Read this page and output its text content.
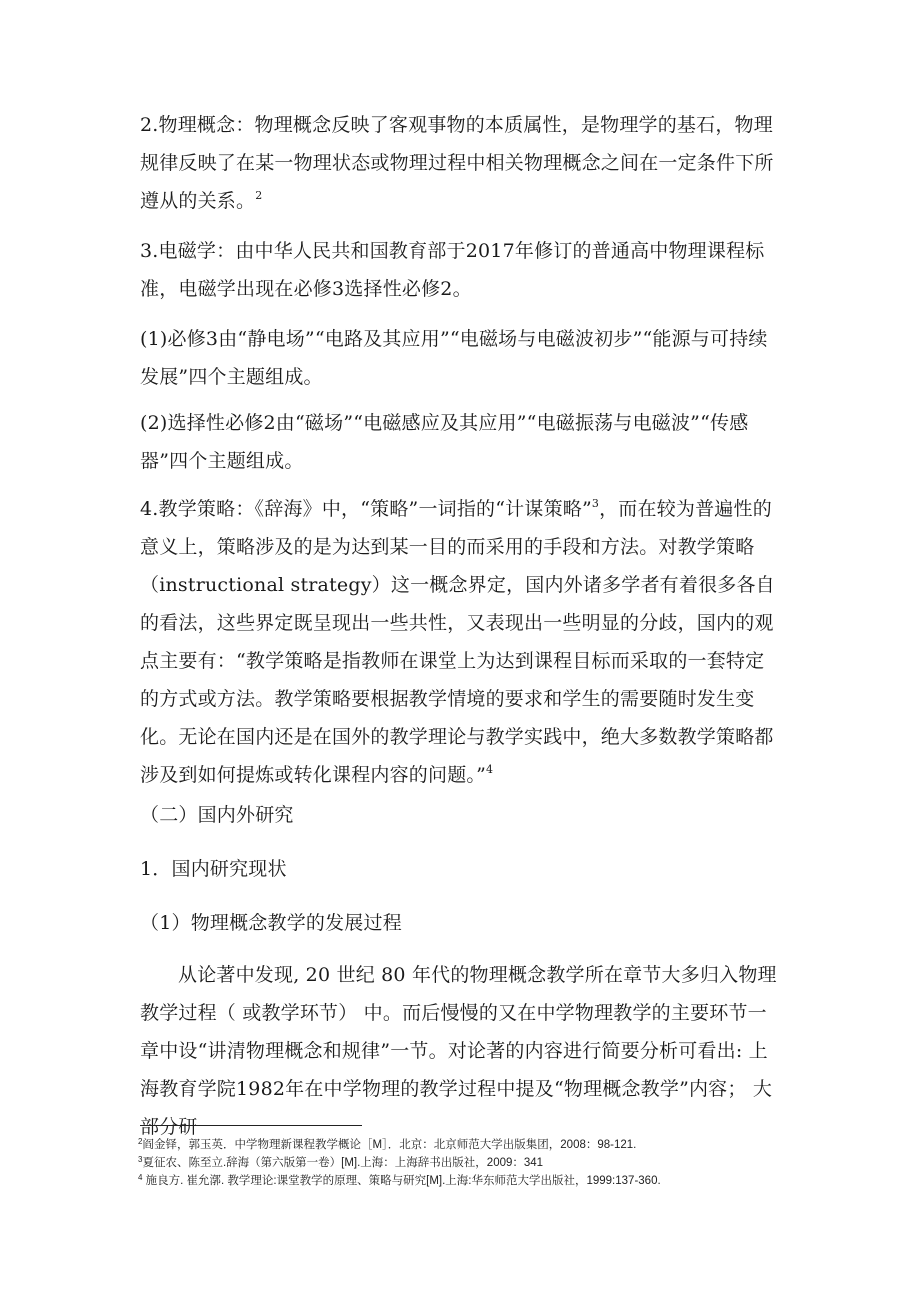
2.物理概念：物理概念反映了客观事物的本质属性，是物理学的基石，物理规律反映了在某一物理状态或物理过程中相关物理概念之间在一定条件下所遵从的关系。$^2$

3.电磁学：由中华人民共和国教育部于2017年修订的普通高中物理课程标准，电磁学出现在必修3选择性必修2。

(1)必修3由“静电场”“电路及其应用”“电磁场与电磁波初步”“能源与可持续发展”四个主题组成。

(2)选择性必修2由“磁场”“电磁感应及其应用”“电磁振荡与电磁波”“传感器”四个主题组成。

4.教学策略：《辞海》中，“策略”一词指的“计谋策略”$^3$，而在较为普遍性的意义上，策略涉及的是为达到某一目的而采用的手段和方法。对教学策略（instructional strategy）这一概念界定，国内外诸多学者有着很多各自的看法，这些界定既呈现出一些共性，又表现出一些明显的分歧，国内的观点主要有：“教学策略是指教师在课堂上为达到课程目标而采取的一套特定的方式或方法。教学策略要根据教学情境的要求和学生的需要随时发生变化。无论在国内还是在国外的教学理论与教学实践中，绝大多数教学策略都涉及到如何提炼或转化课程内容的问题。”$^4$

（二）国内外研究

1．国内研究现状

（1）物理概念教学的发展过程

从论著中发现, 20 世纪 80 年代的物理概念教学所在章节大多归入物理教学过程（ 或教学环节） 中。而后慢慢的又在中学物理教学的主要环节一章中设“讲清物理概念和规律”一节。对论著的内容进行简要分析可看出: 上海教育学院1982年在中学物理的教学过程中提及“物理概念教学”内容； 大部分研

$^2$阎金铎，郭玉英．中学物理新课程教学概论［M］．北京：北京师范大学出版集团，2008：98-121.

$^3$夏征农、陈至立.辞海（第六版第一卷）[M].上海：上海辞书出版社，2009：341

$^4$ 施良方. 崔允漷. 教学理论:课堂教学的原理、策略与研究[M].上海:华东师范大学出版社，1999:137-360.
